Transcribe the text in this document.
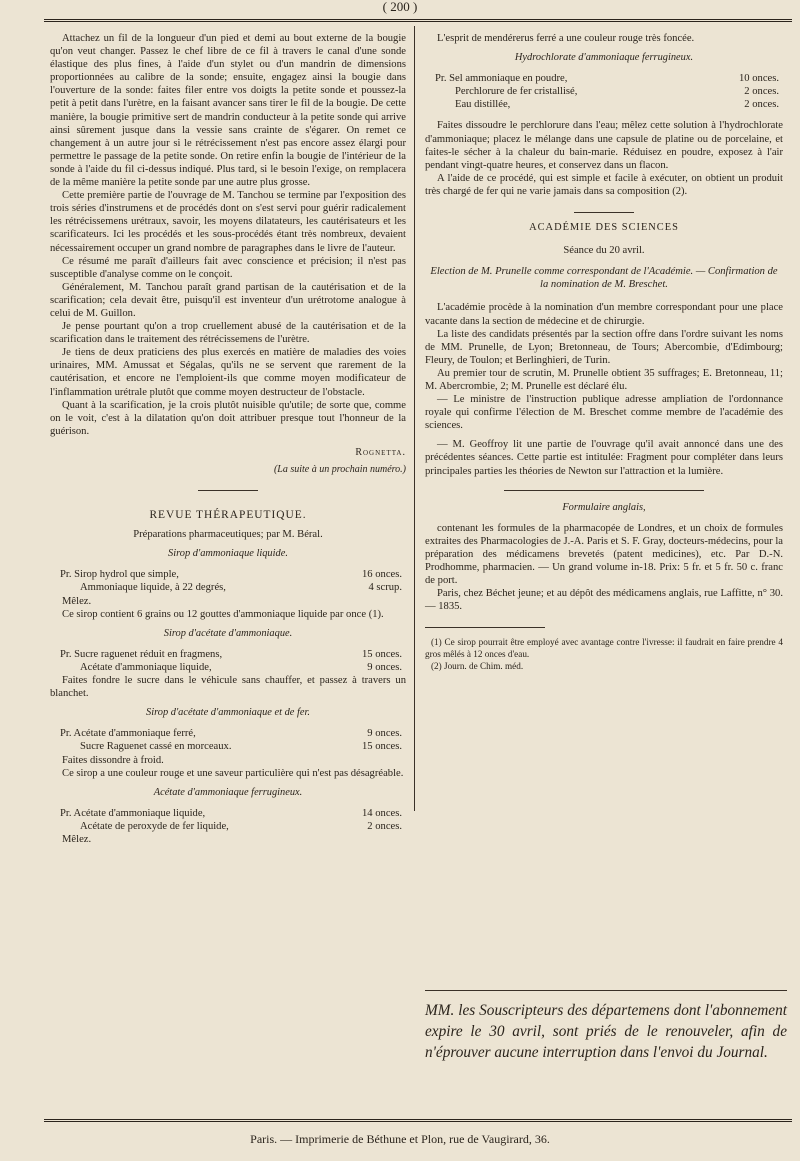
( 200 )

Attachez un fil de la longueur d'un pied et demi au bout externe de la bougie qu'on veut changer. Passez le chef libre de ce fil à travers le canal d'une sonde élastique des plus fines, à l'aide d'un stylet ou d'un mandrin de dimensions proportionnées au calibre de la sonde; ensuite, engagez ainsi la bougie dans l'ouverture de la sonde: faites filer entre vos doigts la petite sonde et poussez-la petit à petit dans l'urètre, en la faisant avancer sans tirer le fil de la bougie. De cette manière, la bougie primitive sert de mandrin conducteur à la petite sonde qui arrive ainsi sûrement jusque dans la vessie sans crainte de s'égarer. On remet ce changement à un autre jour si le rétrécissement n'est pas encore assez élargi pour permettre le passage de la petite sonde. On retire enfin la bougie de l'intérieur de la sonde à l'aide du fil ci-dessus indiqué. Plus tard, si le besoin l'exige, on remplacera de la même manière la petite sonde par une autre plus grosse.

Cette première partie de l'ouvrage de M. Tanchou se termine par l'exposition des trois séries d'instrumens et de procédés dont on s'est servi pour guérir radicalement les rétrécissemens urétraux, savoir, les moyens dilatateurs, les cautérisateurs et les scarificateurs. Ici les procédés et les sous-procédés étant très nombreux, devaient nécessairement occuper un grand nombre de paragraphes dans le livre de l'auteur.

Ce résumé me paraît d'ailleurs fait avec conscience et précision; il n'est pas susceptible d'analyse comme on le conçoit.

Généralement, M. Tanchou paraît grand partisan de la cautérisation et de la scarification; cela devait être, puisqu'il est inventeur d'un urétrotome analogue à celui de M. Guillon.

Je pense pourtant qu'on a trop cruellement abusé de la cautérisation et de la scarification dans le traitement des rétrécissemens de l'urètre.

Je tiens de deux praticiens des plus exercés en matière de maladies des voies urinaires, MM. Amussat et Ségalas, qu'ils ne se servent que rarement de la cautérisation, et encore ne l'emploient-ils que comme moyen modificateur de l'inflammation urétrale plutôt que comme moyen destructeur de l'obstacle.

Quant à la scarification, je la crois plutôt nuisible qu'utile; de sorte que, comme on le voit, c'est à la dilatation qu'on doit attribuer presque tout l'honneur de la guérison.

Rognetta.
(La suite à un prochain numéro.)
REVUE THÉRAPEUTIQUE.

Préparations pharmaceutiques; par M. Béral.

Sirop d'ammoniaque liquide.
Pr. Sirop hydrol que simple,	16 onces.
Ammoniaque liquide, à 22 degrés,	4 scrup.

Mêlez.

Ce sirop contient 6 grains ou 12 gouttes d'ammoniaque liquide par once (1).

Sirop d'acétate d'ammoniaque.
Pr. Sucre raguenet réduit en fragmens,	15 onces.
Acétate d'ammoniaque liquide,	9 onces.

Faites fondre le sucre dans le véhicule sans chauffer, et passez à travers un blanchet.

Sirop d'acétate d'ammoniaque et de fer.
Pr. Acétate d'ammoniaque ferré,	9 onces.
Sucre Raguenet cassé en morceaux.	15 onces.

Faites dissondre à froid.

Ce sirop a une couleur rouge et une saveur particulière qui n'est pas désagréable.

Acétate d'ammoniaque ferrugineux.
Pr. Acétate d'ammoniaque liquide,	14 onces.
Acétate de peroxyde de fer liquide,	2 onces.

Mêlez.

L'esprit de mendérerus ferré a une couleur rouge très foncée.

Hydrochlorate d'ammoniaque ferrugineux.
Pr. Sel ammoniaque en poudre,	10 onces.
Perchlorure de fer cristallisé,	2 onces.
Eau distillée,	2 onces.

Faites dissoudre le perchlorure dans l'eau; mêlez cette solution à l'hydrochlorate d'ammoniaque; placez le mélange dans une capsule de platine ou de porcelaine, et faites-le sécher à la chaleur du bain-marie. Réduisez en poudre, exposez à l'air pendant vingt-quatre heures, et conservez dans un flacon.

A l'aide de ce procédé, qui est simple et facile à exécuter, on obtient un produit très chargé de fer qui ne varie jamais dans sa composition (2).

ACADÉMIE DES SCIENCES

Séance du 20 avril.

Election de M. Prunelle comme correspondant de l'Académie. — Confirmation de la nomination de M. Breschet.

L'académie procède à la nomination d'un membre correspondant pour une place vacante dans la section de médecine et de chirurgie.

La liste des candidats présentés par la section offre dans l'ordre suivant les noms de MM. Prunelle, de Lyon; Bretonneau, de Tours; Abercombie, d'Edimbourg; Fleury, de Toulon; et Berlinghieri, de Turin.

Au premier tour de scrutin, M. Prunelle obtient 35 suffrages; E. Bretonneau, 11; M. Abercrombie, 2; M. Prunelle est déclaré élu.

— Le ministre de l'instruction publique adresse ampliation de l'ordonnance royale qui confirme l'élection de M. Breschet comme membre de l'académie des sciences.

— M. Geoffroy lit une partie de l'ouvrage qu'il avait annoncé dans une des précédentes séances. Cette partie est intitulée: Fragment pour compléter dans leurs principales parties les théories de Newton sur l'attraction et la lumière.

Formulaire anglais,

contenant les formules de la pharmacopée de Londres, et un choix de formules extraites des Pharmacologies de J.-A. Paris et S. F. Gray, docteurs-médecins, pour la préparation des médicamens brevetés (patent medicines), etc. Par D.-N. Prodhomme, pharmacien. — Un grand volume in-18. Prix: 5 fr. et 5 fr. 50 c. franc de port.

Paris, chez Béchet jeune; et au dépôt des médicamens anglais, rue Laffitte, n° 30. — 1835.

(1) Ce sirop pourrait être employé avec avantage contre l'ivresse: il faudrait en faire prendre 4 gros mêlés à 12 onces d'eau.

(2) Journ. de Chim. méd.

MM. les Souscripteurs des départemens dont l'abonnement expire le 30 avril, sont priés de le renouveler, afin de n'éprouver aucune interruption dans l'envoi du Journal.
Paris. — Imprimerie de Béthune et Plon, rue de Vaugirard, 36.
